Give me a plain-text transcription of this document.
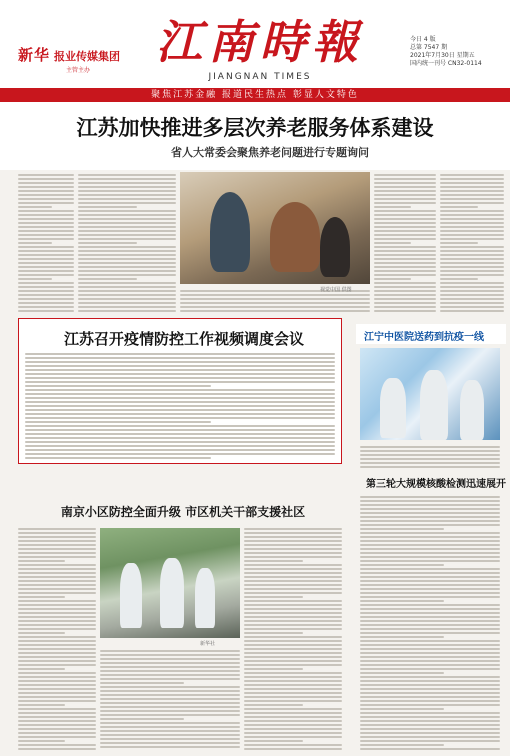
新华 报业传媒集团
主管主办
江南時報
JIANGNAN TIMES
今日 4 版
总第 7547 期
2021年7月30日 星期五
国内统一刊号 CN32-0114
聚焦江苏金融 报道民生热点 彰显人文特色
江苏加快推进多层次养老服务体系建设
省人大常委会聚焦养老问题进行专题询问
视觉中国 供图
江苏召开疫情防控工作视频调度会议	江宁中医院送药到抗疫一线
第三轮大规模核酸检测迅速展开
南京小区防控全面升级 市区机关干部支援社区
新华社
